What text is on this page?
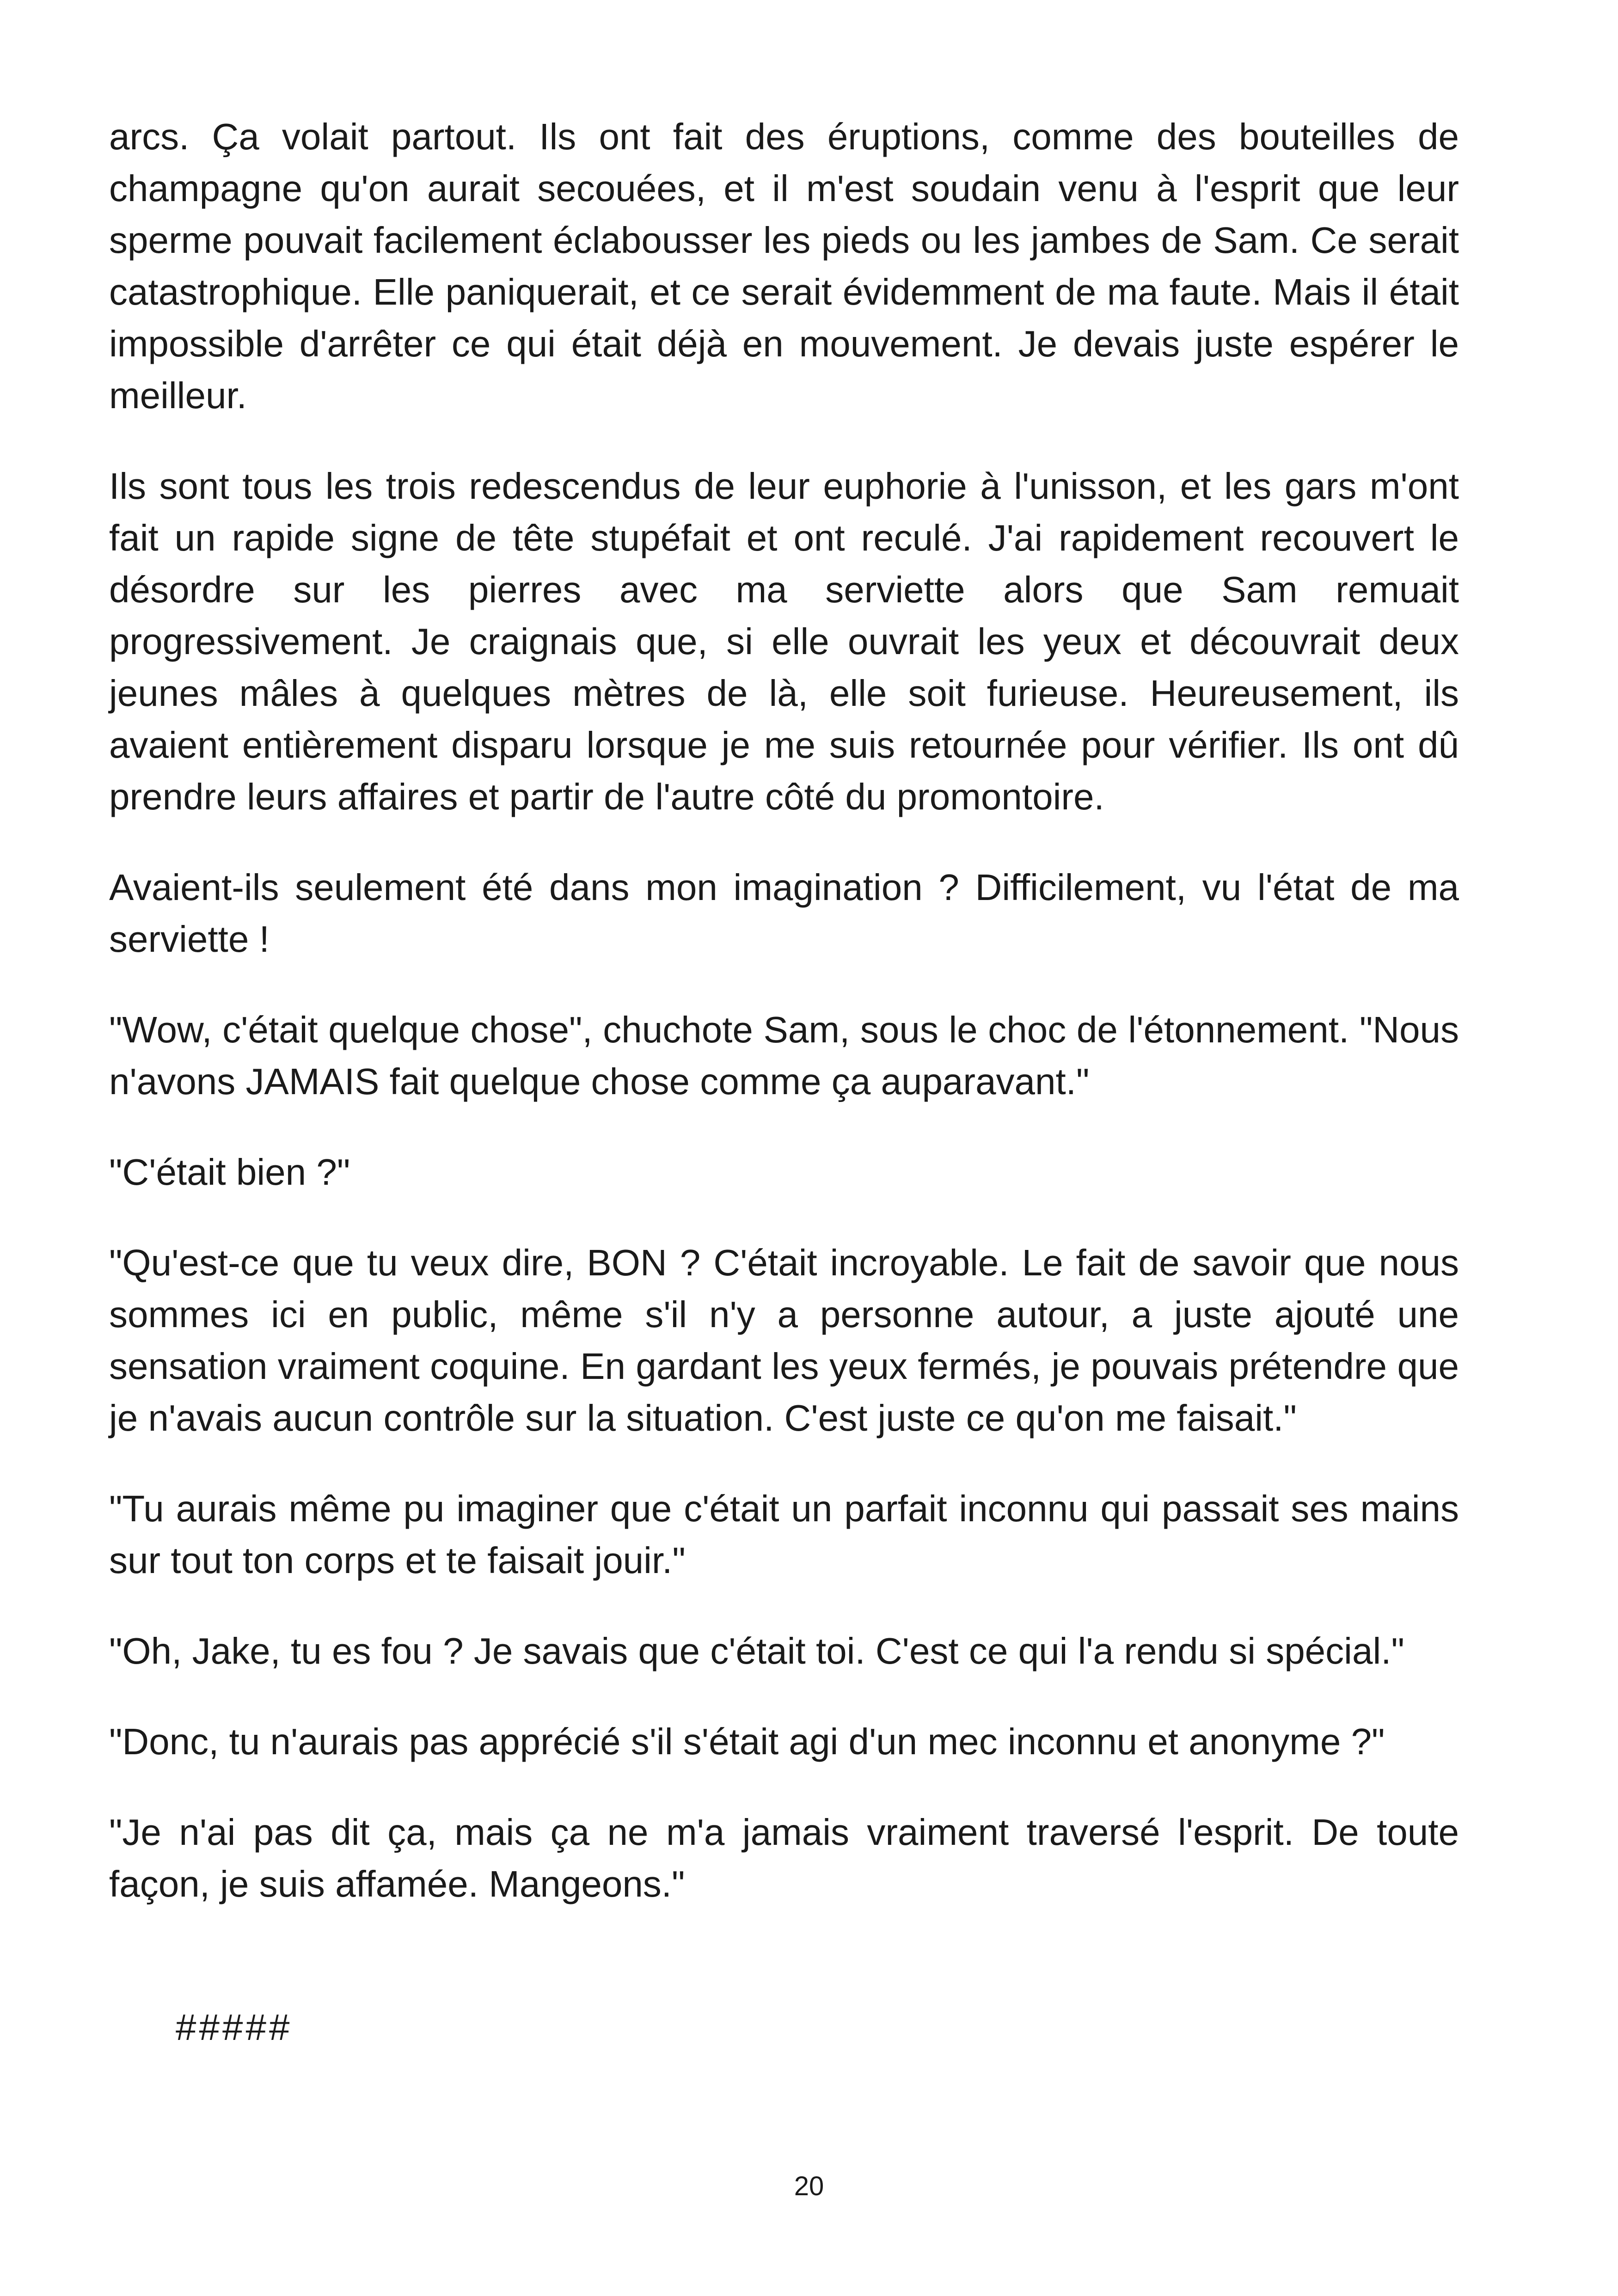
arcs. Ça volait partout. Ils ont fait des éruptions, comme des bouteilles de champagne qu'on aurait secouées, et il m'est soudain venu à l'esprit que leur sperme pouvait facilement éclabousser les pieds ou les jambes de Sam. Ce serait catastrophique. Elle paniquerait, et ce serait évidemment de ma faute. Mais il était impossible d'arrêter ce qui était déjà en mouvement. Je devais juste espérer le meilleur.

Ils sont tous les trois redescendus de leur euphorie à l'unisson, et les gars m'ont fait un rapide signe de tête stupéfait et ont reculé. J'ai rapidement recouvert le désordre sur les pierres avec ma serviette alors que Sam remuait progressivement. Je craignais que, si elle ouvrait les yeux et découvrait deux jeunes mâles à quelques mètres de là, elle soit furieuse. Heureusement, ils avaient entièrement disparu lorsque je me suis retournée pour vérifier. Ils ont dû prendre leurs affaires et partir de l'autre côté du promontoire.

Avaient-ils seulement été dans mon imagination ? Difficilement, vu l'état de ma serviette !

"Wow, c'était quelque chose", chuchote Sam, sous le choc de l'étonnement. "Nous n'avons JAMAIS fait quelque chose comme ça auparavant."

"C'était bien ?"

"Qu'est-ce que tu veux dire, BON ? C'était incroyable. Le fait de savoir que nous sommes ici en public, même s'il n'y a personne autour, a juste ajouté une sensation vraiment coquine. En gardant les yeux fermés, je pouvais prétendre que je n'avais aucun contrôle sur la situation. C'est juste ce qu'on me faisait."

"Tu aurais même pu imaginer que c'était un parfait inconnu qui passait ses mains sur tout ton corps et te faisait jouir."

"Oh, Jake, tu es fou ? Je savais que c'était toi. C'est ce qui l'a rendu si spécial."

"Donc, tu n'aurais pas apprécié s'il s'était agi d'un mec inconnu et anonyme ?"

"Je n'ai pas dit ça, mais ça ne m'a jamais vraiment traversé l'esprit. De toute façon, je suis affamée. Mangeons."

#####
20
